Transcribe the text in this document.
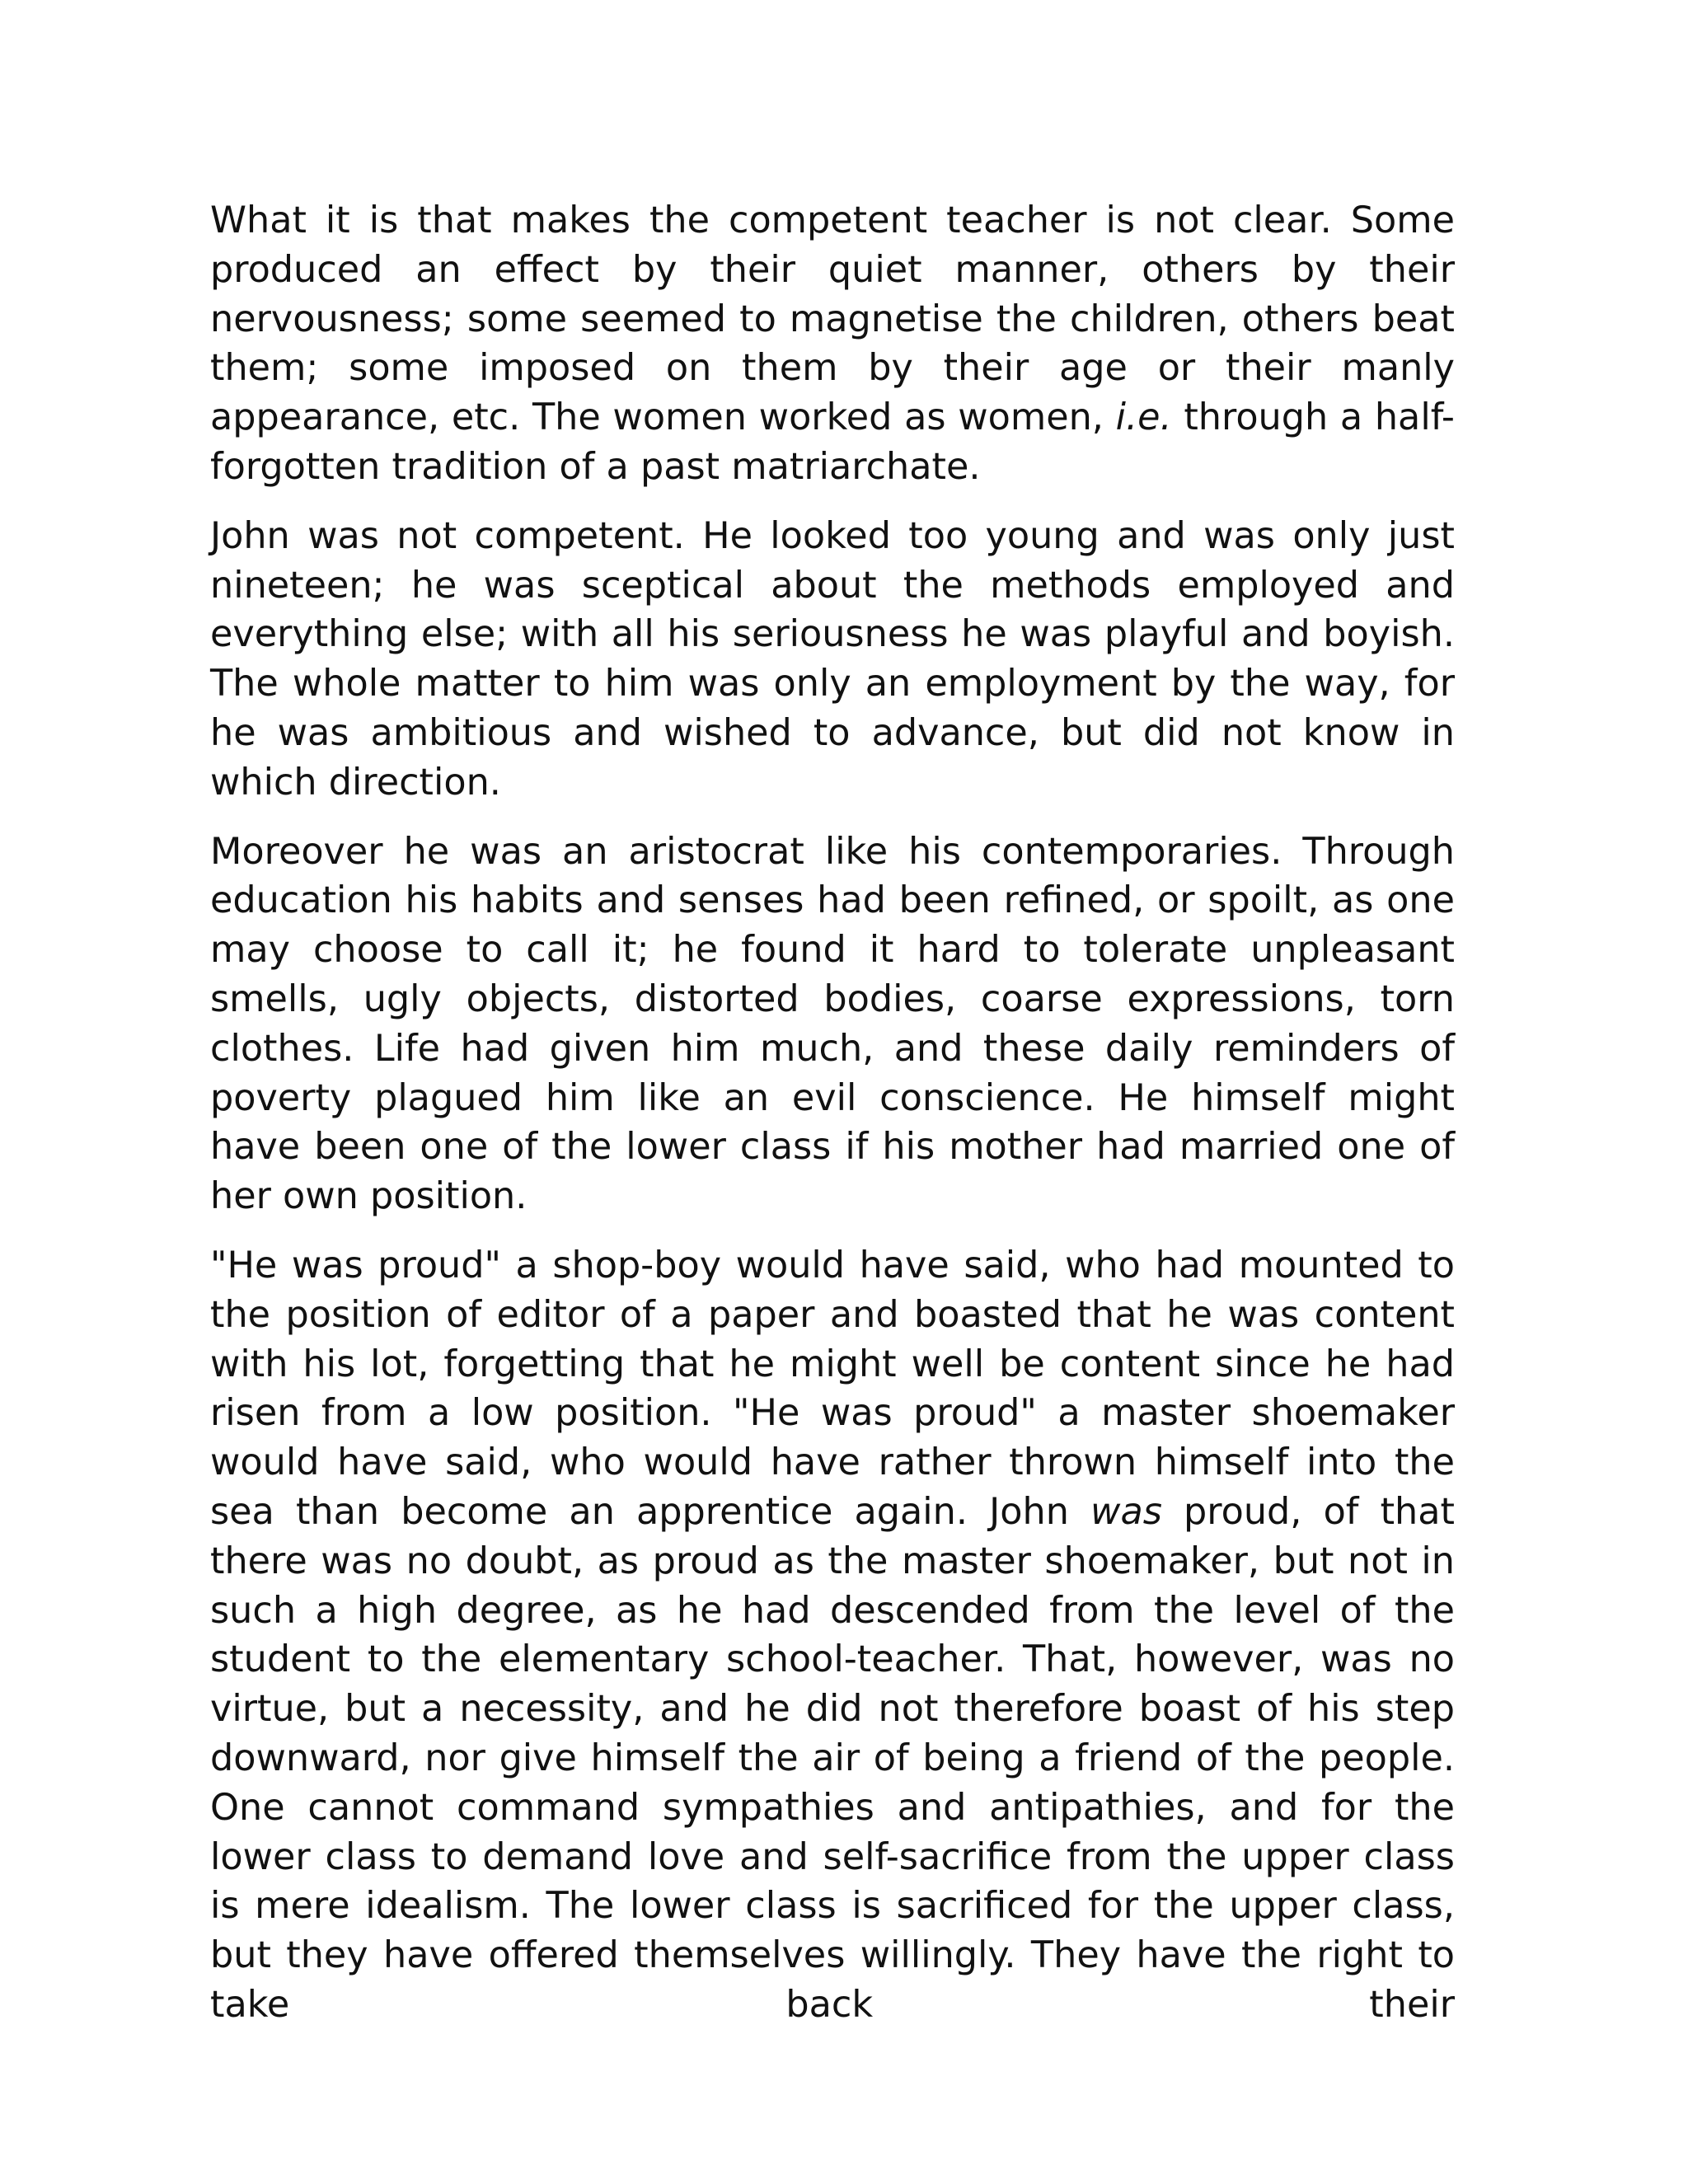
What it is that makes the competent teacher is not clear. Some produced an effect by their quiet manner, others by their nervousness; some seemed to magnetise the children, others beat them; some imposed on them by their age or their manly appearance, etc. The women worked as women, i.e. through a half-forgotten tradition of a past matriarchate.

John was not competent. He looked too young and was only just nineteen; he was sceptical about the methods employed and everything else; with all his seriousness he was playful and boyish. The whole matter to him was only an employment by the way, for he was ambitious and wished to advance, but did not know in which direction.

Moreover he was an aristocrat like his contemporaries. Through education his habits and senses had been refined, or spoilt, as one may choose to call it; he found it hard to tolerate unpleasant smells, ugly objects, distorted bodies, coarse expressions, torn clothes. Life had given him much, and these daily reminders of poverty plagued him like an evil conscience. He himself might have been one of the lower class if his mother had married one of her own position.

"He was proud" a shop-boy would have said, who had mounted to the position of editor of a paper and boasted that he was content with his lot, forgetting that he might well be content since he had risen from a low position. "He was proud" a master shoemaker would have said, who would have rather thrown himself into the sea than become an apprentice again. John was proud, of that there was no doubt, as proud as the master shoemaker, but not in such a high degree, as he had descended from the level of the student to the elementary school-teacher. That, however, was no virtue, but a necessity, and he did not therefore boast of his step downward, nor give himself the air of being a friend of the people. One cannot command sympathies and antipathies, and for the lower class to demand love and self-sacrifice from the upper class is mere idealism. The lower class is sacrificed for the upper class, but they have offered themselves willingly. They have the right to take back their
